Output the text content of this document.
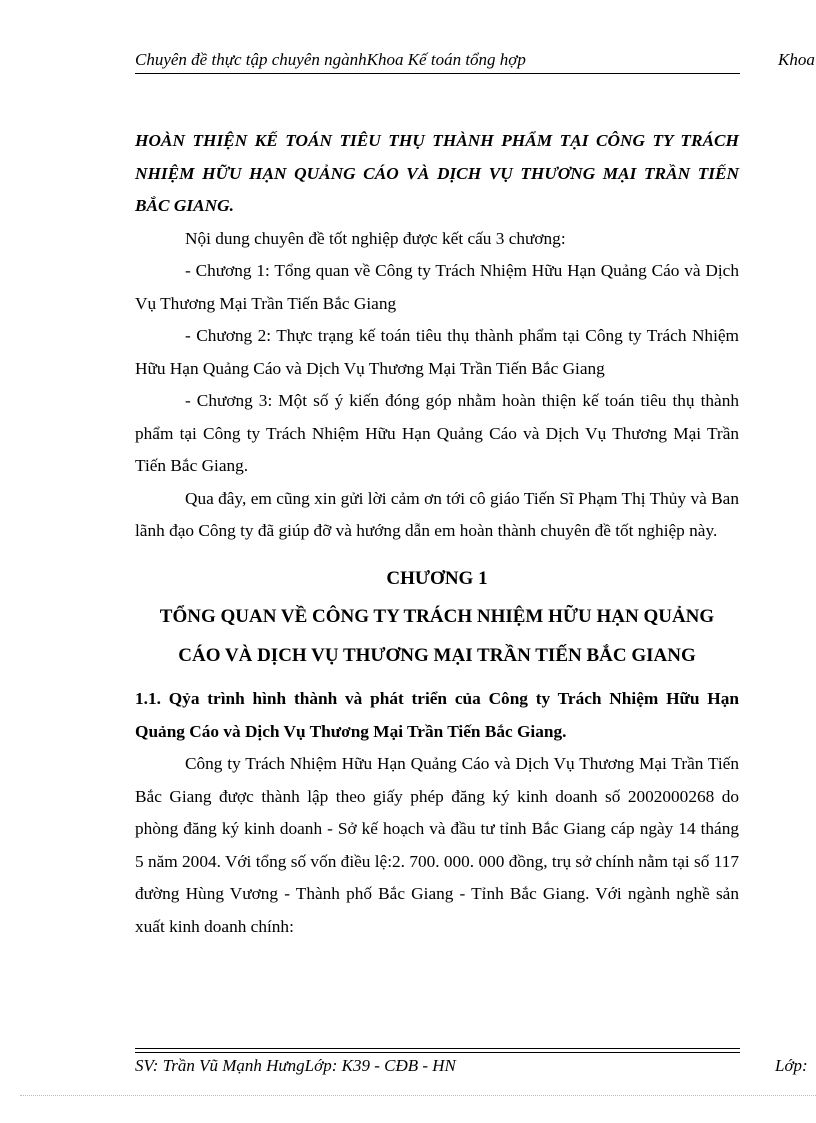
Chuyên đề thực tập chuyên ngànhKhoa Kế toán tổng hợp	Khoa

HOÀN THIỆN KẾ TOÁN TIÊU THỤ THÀNH PHẨM TẠI CÔNG TY TRÁCH NHIỆM HỮU HẠN QUẢNG CÁO VÀ DỊCH VỤ THƯƠNG MẠI TRẦN TIẾN BẮC GIANG.

Nội dung chuyên đề tốt nghiệp được kết cấu 3 chương:

- Chương 1: Tổng quan về Công ty Trách Nhiệm Hữu Hạn Quảng Cáo và Dịch Vụ Thương Mại Trần Tiến Bắc Giang

- Chương 2: Thực trạng kế toán tiêu thụ thành phẩm tại Công ty Trách Nhiệm Hữu Hạn Quảng Cáo và Dịch Vụ Thương Mại Trần Tiến Bắc Giang

- Chương 3: Một số ý kiến đóng góp nhằm hoàn thiện kế toán tiêu thụ thành phẩm tại Công ty Trách Nhiệm Hữu Hạn Quảng Cáo và Dịch Vụ Thương Mại Trần Tiến Bắc Giang.

Qua đây, em cũng xin gửi lời cảm ơn tới cô giáo Tiến Sĩ Phạm Thị Thủy và Ban lãnh đạo Công ty đã giúp đỡ và hướng dẫn em hoàn thành chuyên đề tốt nghiệp này.

CHƯƠNG 1
TỔNG QUAN VỀ CÔNG TY TRÁCH NHIỆM HỮU HẠN QUẢNG CÁO VÀ DỊCH VỤ THƯƠNG MẠI TRẦN TIẾN BẮC GIANG

1.1. Qỷa trình hình thành và phát triển của Công ty Trách Nhiệm Hữu Hạn Quảng Cáo và Dịch Vụ Thương Mại Trần Tiến Bắc Giang.

Công ty Trách Nhiệm Hữu Hạn Quảng Cáo và Dịch Vụ Thương Mại Trần Tiến Bắc Giang được thành lập theo giấy phép đăng ký kinh doanh số 2002000268 do phòng đăng ký kinh doanh - Sở kế hoạch và đầu tư tỉnh Bắc Giang cáp ngày 14 tháng 5 năm 2004. Với tổng số vốn điều lệ:2. 700. 000. 000 đồng, trụ sở chính nằm tại số 117 đường Hùng Vương - Thành phố Bắc Giang - Tỉnh Bắc Giang. Với ngành nghề sản xuất kinh doanh chính:

SV: Trần Vũ Mạnh HưngLớp: K39 - CĐB - HN	Lớp:
